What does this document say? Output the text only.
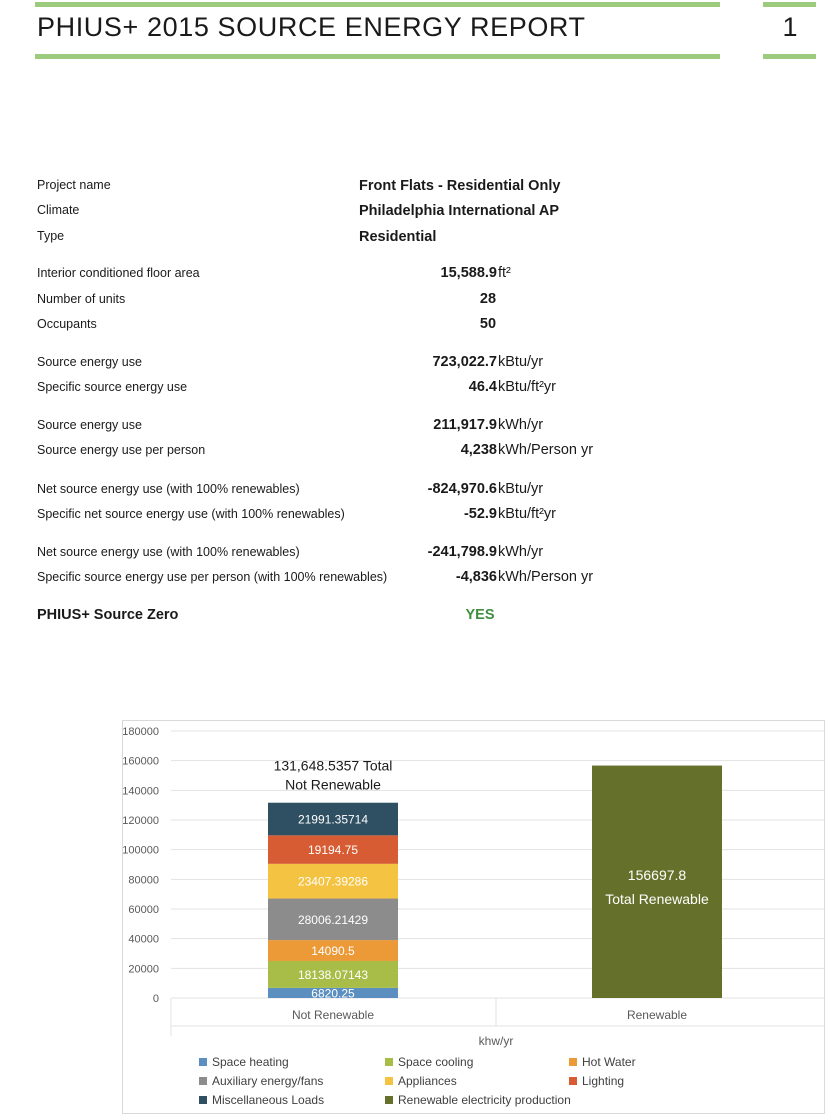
PHIUS+ 2015 SOURCE ENERGY REPORT	1
Project name	Front Flats - Residential Only
Climate	Philadelphia International AP
Type	Residential
Interior conditioned floor area	15,588.9 ft²
Number of units	28
Occupants	50
Source energy use	723,022.7 kBtu/yr
Specific source energy use	46.4 kBtu/ft²yr
Source energy use	211,917.9 kWh/yr
Source energy use per person	4,238 kWh/Person yr
Net source energy use (with 100% renewables)	-824,970.6 kBtu/yr
Specific net source energy use (with 100% renewables)	-52.9 kBtu/ft²yr
Net source energy use (with 100% renewables)	-241,798.9 kWh/yr
Specific source energy use per person (with 100% renewables)	-4,836 kWh/Person yr
PHIUS+ Source Zero	YES
0
20000
40000
60000
80000
100000
120000
140000
160000
180000
6820.25
18138.07143
14090.5
28006.21429
23407.39286
19194.75
21991.35714
156697.8
131,648.5357 Total
Not Renewable
Total Renewable
Not Renewable	Renewable
khw/yr
Space heating	Space cooling	Hot Water
Auxiliary energy/fans	Appliances	Lighting
Miscellaneous Loads	Renewable electricity production
